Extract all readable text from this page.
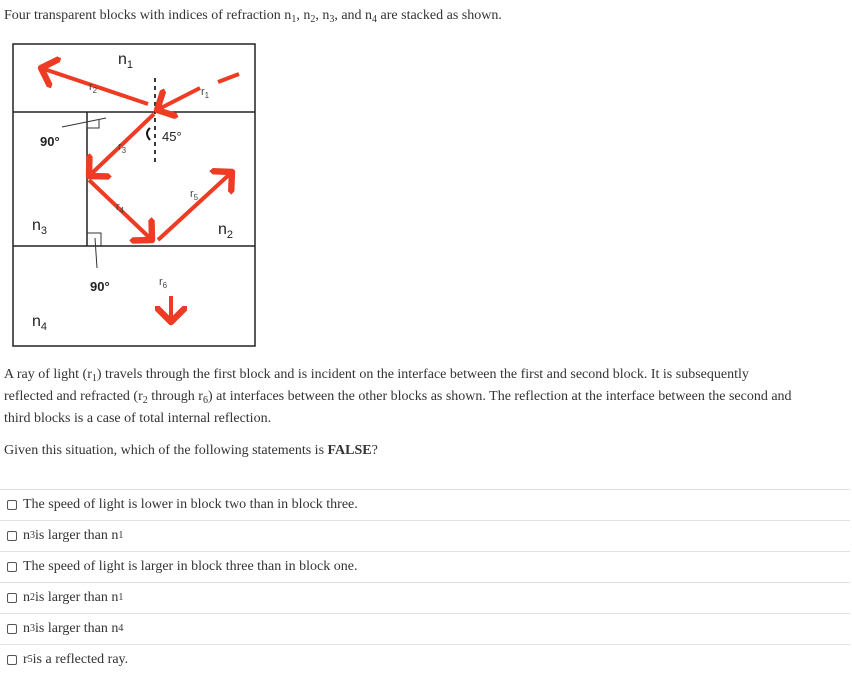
Four transparent blocks with indices of refraction $n_1$, $n_2$, $n_3$, and $n_4$ are stacked as shown.
$n_1$
$n_2$
$n_3$
$n_4$
$r_1$
$r_2$
$r_3$
$r_4$
$r_5$
$r_6$
45°
90°
90°
A ray of light $(r_1)$ travels through the first block and is incident on the interface between the first and second block. It is subsequently
reflected and refracted ($r_2$ through $r_6$) at interfaces between the other blocks as shown. The reflection at the interface between the second and
third blocks is a case of total internal reflection.
Given this situation, which of the following statements is FALSE?
The speed of light is lower in block two than in block three.
n 3 is larger than n 1
The speed of light is larger in block three than in block one.
n 2 is larger than n 1
n 3 is larger than n 4
r 5 is a reflected ray.
